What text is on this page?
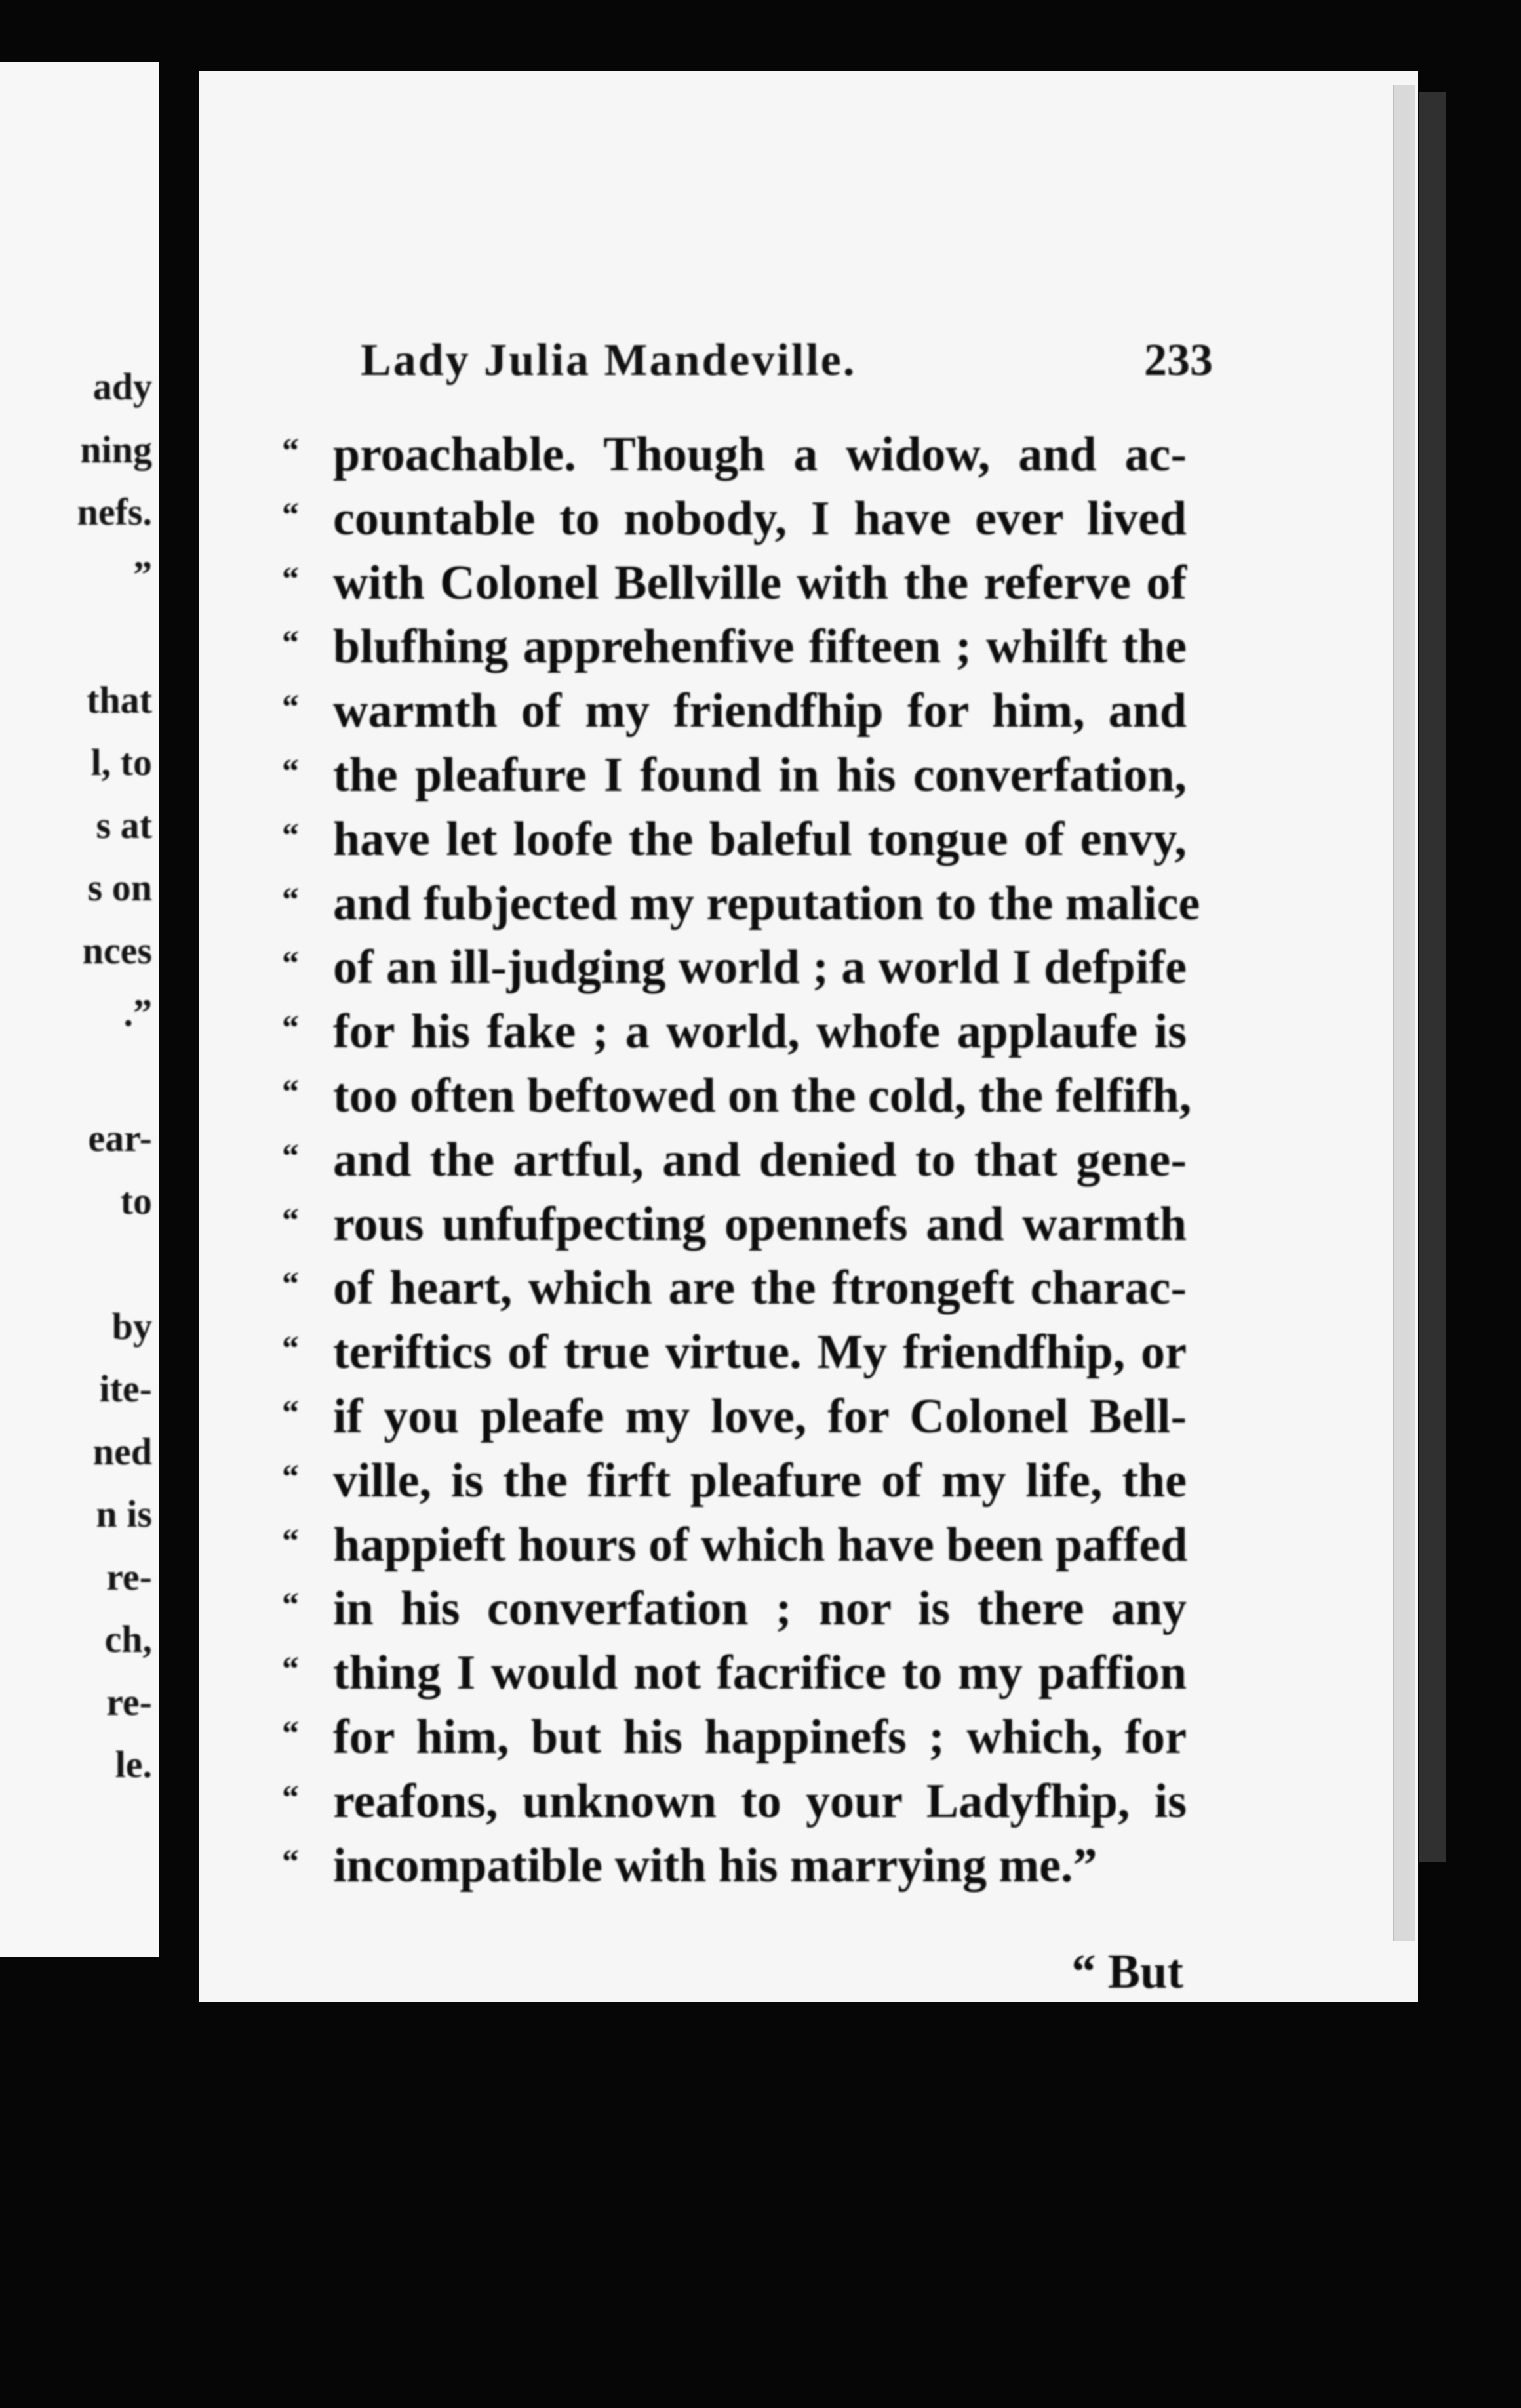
ady
ning
nefs.
”
that
l, to
s at
s on
nces
.”
ear-
to
by
ite-
ned
n is
re-
ch,
re-
le.
Lady Julia Mandeville.	233
“ proachable. Though a widow, and ac-
“ countable to nobody, I have ever lived
“ with Colonel Bellville with the referve of
“ blufhing apprehenfive fifteen ; whilft the
“ warmth of my friendfhip for him, and
“ the pleafure I found in his converfation,
“ have let loofe the baleful tongue of envy,
“ and fubjected my reputation to the malice
“ of an ill-judging world ; a world I defpife
“ for his fake ; a world, whofe applaufe is
“ too often beftowed on the cold, the felfifh,
“ and the artful, and denied to that gene-
“ rous unfufpecting opennefs and warmth
“ of heart, which are the ftrongeft charac-
“ teriftics of true virtue. My friendfhip, or
“ if you pleafe my love, for Colonel Bell-
“ ville, is the firft pleafure of my life, the
“ happieft hours of which have been paffed
“ in his converfation ; nor is there any
“ thing I would not facrifice to my paffion
“ for him, but his happinefs ; which, for
“ reafons, unknown to your Ladyfhip, is
“ incompatible with his marrying me.”
“ But
